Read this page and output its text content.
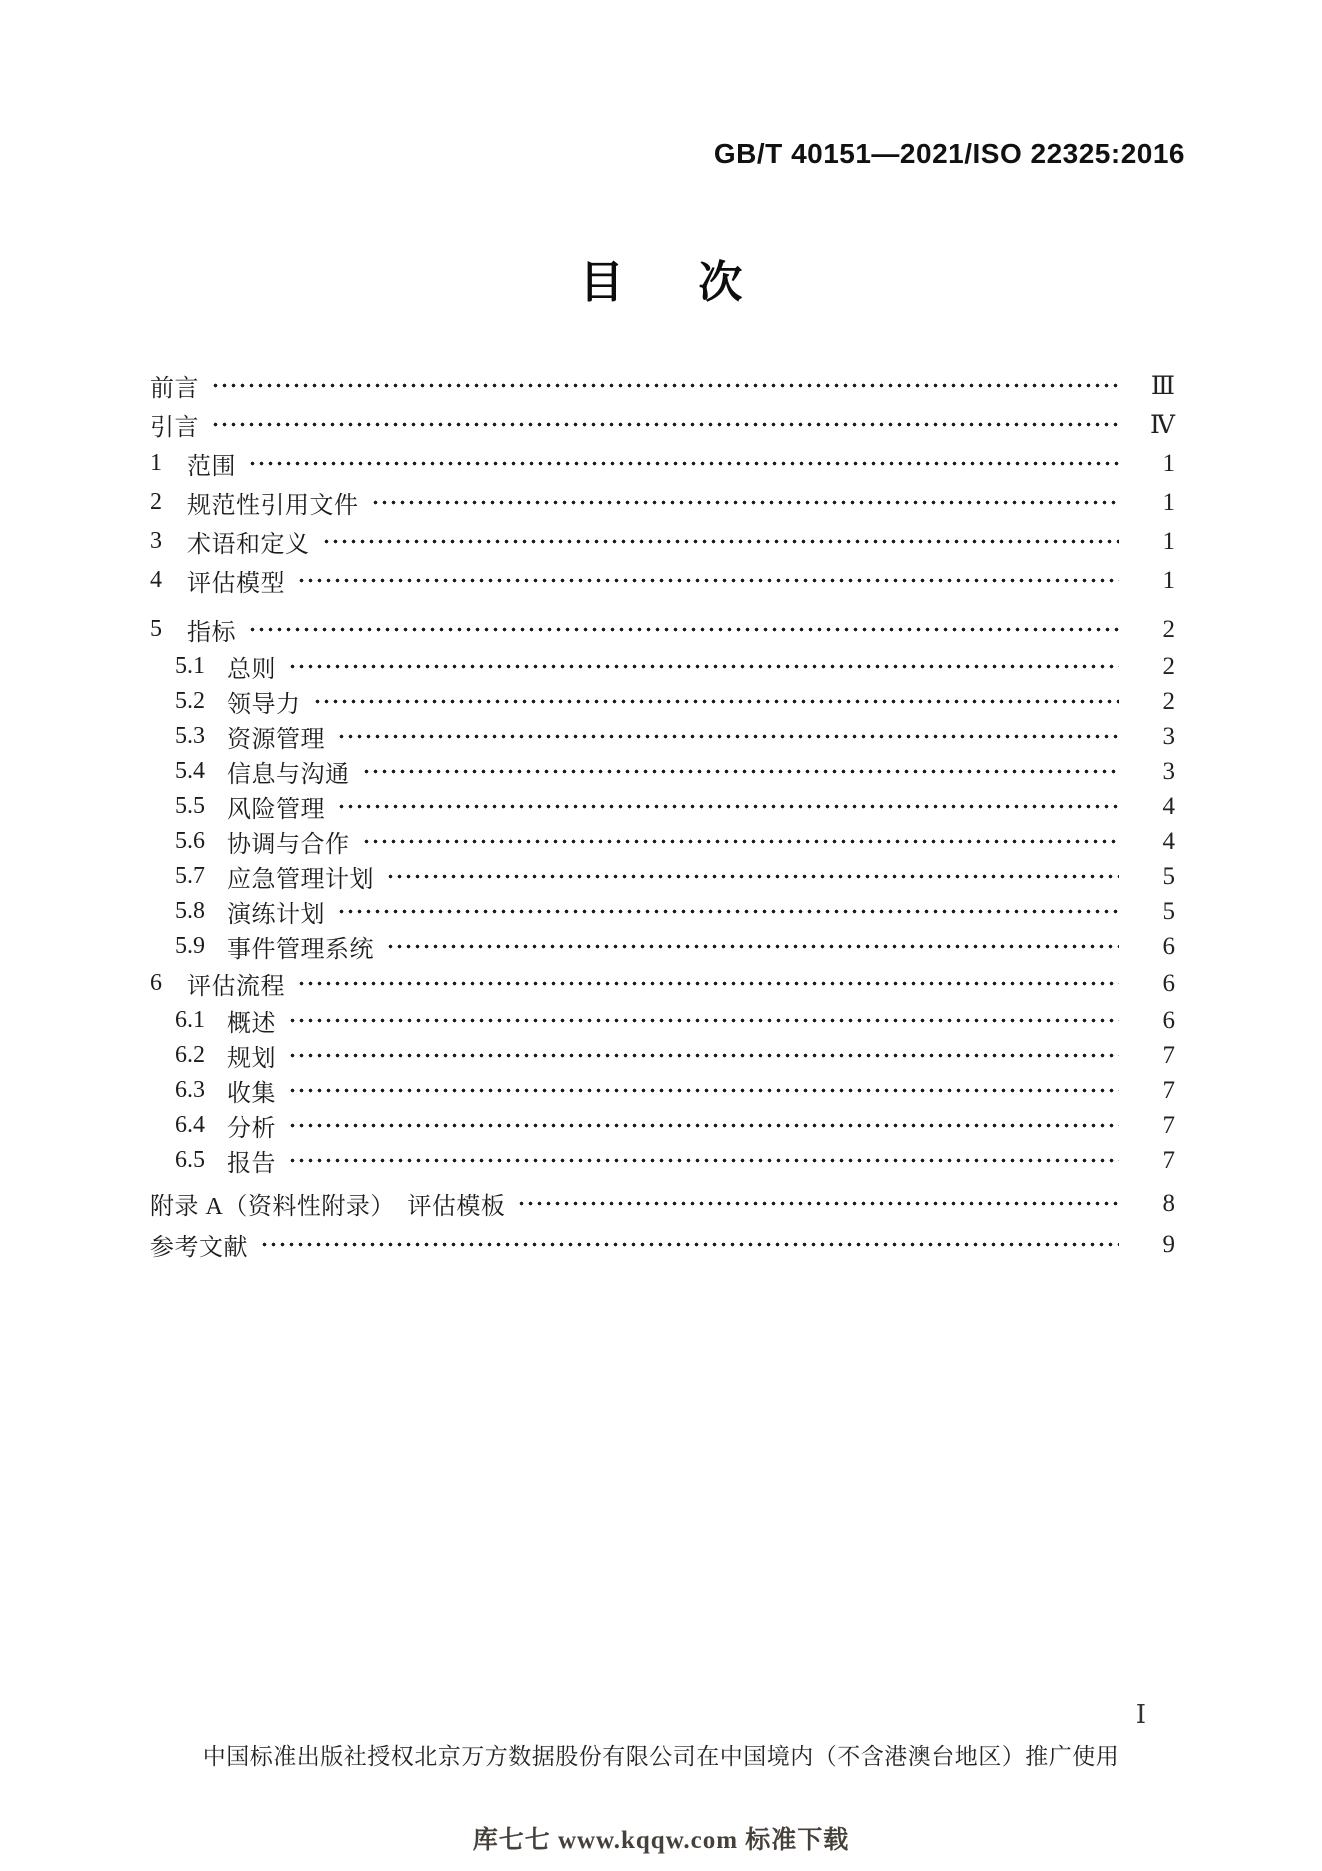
GB/T 40151—2021/ISO 22325:2016
目　次
前言	Ⅲ
引言	Ⅳ
1	范围	1
2	规范性引用文件	1
3	术语和定义	1
4	评估模型	1
5	指标	2
5.1 总则	2
5.2 领导力	2
5.3 资源管理	3
5.4 信息与沟通	3
5.5 风险管理	4
5.6 协调与合作	4
5.7 应急管理计划	5
5.8 演练计划	5
5.9 事件管理系统	6
6	评估流程	6
6.1 概述	6
6.2 规划	7
6.3 收集	7
6.4 分析	7
6.5 报告	7
附录 A（资料性附录）　评估模板	8
参考文献	9
Ⅰ
中国标准出版社授权北京万方数据股份有限公司在中国境内（不含港澳台地区）推广使用
库七七 www.kqqw.com 标准下载
